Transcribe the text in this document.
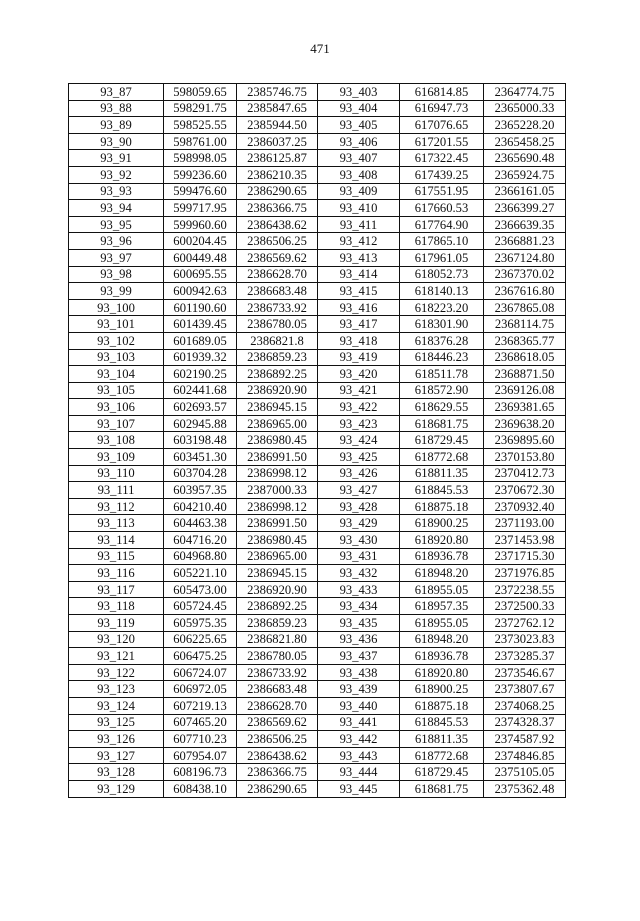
471
93_87	598059.65	2385746.75	93_403	616814.85	2364774.75
93_88	598291.75	2385847.65	93_404	616947.73	2365000.33
93_89	598525.55	2385944.50	93_405	617076.65	2365228.20
93_90	598761.00	2386037.25	93_406	617201.55	2365458.25
93_91	598998.05	2386125.87	93_407	617322.45	2365690.48
93_92	599236.60	2386210.35	93_408	617439.25	2365924.75
93_93	599476.60	2386290.65	93_409	617551.95	2366161.05
93_94	599717.95	2386366.75	93_410	617660.53	2366399.27
93_95	599960.60	2386438.62	93_411	617764.90	2366639.35
93_96	600204.45	2386506.25	93_412	617865.10	2366881.23
93_97	600449.48	2386569.62	93_413	617961.05	2367124.80
93_98	600695.55	2386628.70	93_414	618052.73	2367370.02
93_99	600942.63	2386683.48	93_415	618140.13	2367616.80
93_100	601190.60	2386733.92	93_416	618223.20	2367865.08
93_101	601439.45	2386780.05	93_417	618301.90	2368114.75
93_102	601689.05	2386821.8	93_418	618376.28	2368365.77
93_103	601939.32	2386859.23	93_419	618446.23	2368618.05
93_104	602190.25	2386892.25	93_420	618511.78	2368871.50
93_105	602441.68	2386920.90	93_421	618572.90	2369126.08
93_106	602693.57	2386945.15	93_422	618629.55	2369381.65
93_107	602945.88	2386965.00	93_423	618681.75	2369638.20
93_108	603198.48	2386980.45	93_424	618729.45	2369895.60
93_109	603451.30	2386991.50	93_425	618772.68	2370153.80
93_110	603704.28	2386998.12	93_426	618811.35	2370412.73
93_111	603957.35	2387000.33	93_427	618845.53	2370672.30
93_112	604210.40	2386998.12	93_428	618875.18	2370932.40
93_113	604463.38	2386991.50	93_429	618900.25	2371193.00
93_114	604716.20	2386980.45	93_430	618920.80	2371453.98
93_115	604968.80	2386965.00	93_431	618936.78	2371715.30
93_116	605221.10	2386945.15	93_432	618948.20	2371976.85
93_117	605473.00	2386920.90	93_433	618955.05	2372238.55
93_118	605724.45	2386892.25	93_434	618957.35	2372500.33
93_119	605975.35	2386859.23	93_435	618955.05	2372762.12
93_120	606225.65	2386821.80	93_436	618948.20	2373023.83
93_121	606475.25	2386780.05	93_437	618936.78	2373285.37
93_122	606724.07	2386733.92	93_438	618920.80	2373546.67
93_123	606972.05	2386683.48	93_439	618900.25	2373807.67
93_124	607219.13	2386628.70	93_440	618875.18	2374068.25
93_125	607465.20	2386569.62	93_441	618845.53	2374328.37
93_126	607710.23	2386506.25	93_442	618811.35	2374587.92
93_127	607954.07	2386438.62	93_443	618772.68	2374846.85
93_128	608196.73	2386366.75	93_444	618729.45	2375105.05
93_129	608438.10	2386290.65	93_445	618681.75	2375362.48
